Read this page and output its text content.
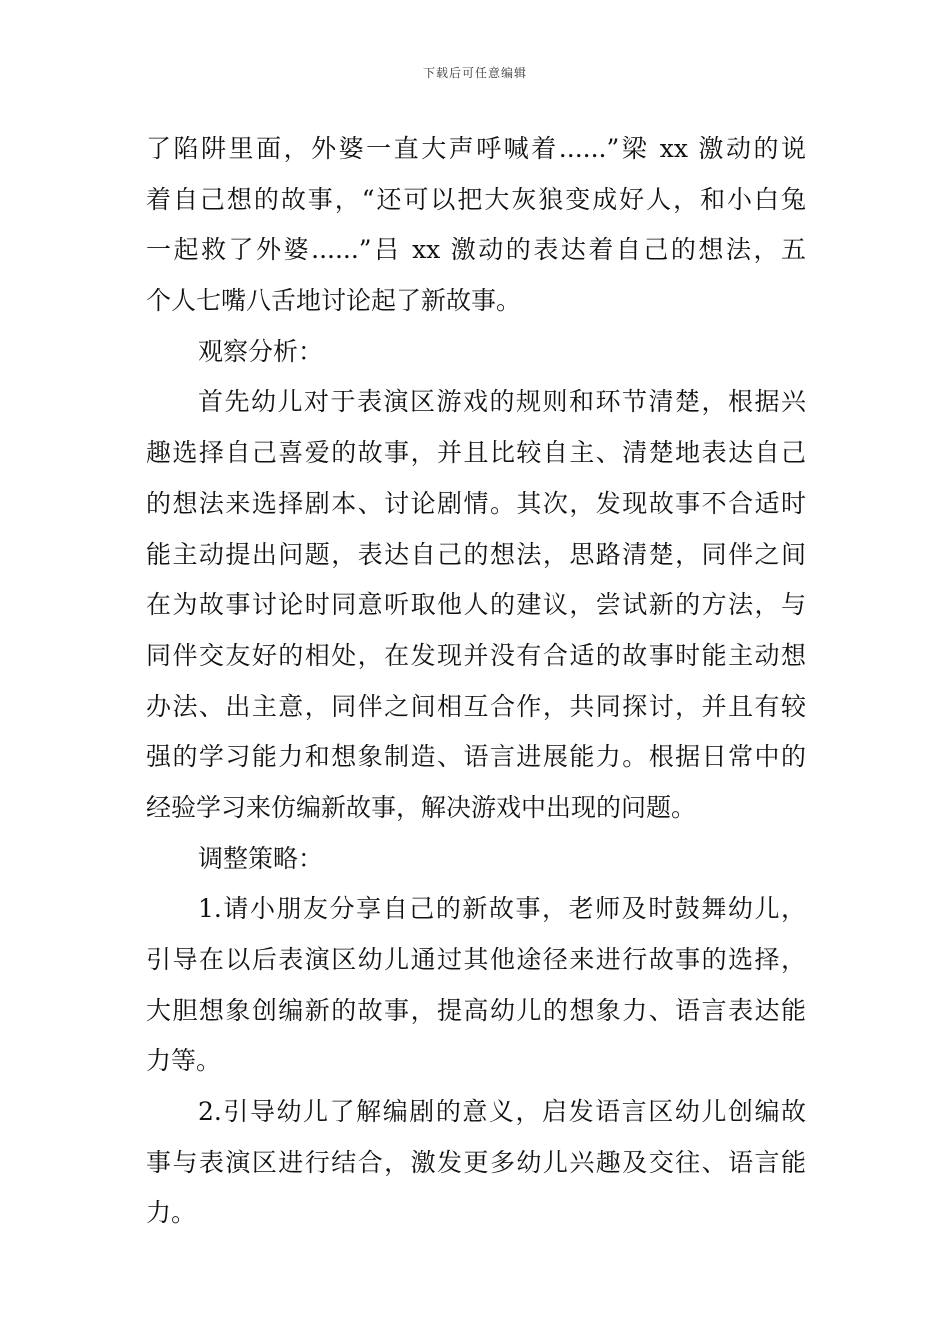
下载后可任意编辑
了陷阱里面，外婆一直大声呼喊着......”梁 xx 激动的说
着自己想的故事，“还可以把大灰狼变成好人，和小白兔
一起救了外婆......”吕 xx 激动的表达着自己的想法，五
个人七嘴八舌地讨论起了新故事。
观察分析：
首先幼儿对于表演区游戏的规则和环节清楚，根据兴
趣选择自己喜爱的故事，并且比较自主、清楚地表达自己
的想法来选择剧本、讨论剧情。其次，发现故事不合适时
能主动提出问题，表达自己的想法，思路清楚，同伴之间
在为故事讨论时同意听取他人的建议，尝试新的方法，与
同伴交友好的相处，在发现并没有合适的故事时能主动想
办法、出主意，同伴之间相互合作，共同探讨，并且有较
强的学习能力和想象制造、语言进展能力。根据日常中的
经验学习来仿编新故事，解决游戏中出现的问题。
调整策略：
1.请小朋友分享自己的新故事，老师及时鼓舞幼儿，
引导在以后表演区幼儿通过其他途径来进行故事的选择，
大胆想象创编新的故事，提高幼儿的想象力、语言表达能
力等。
2.引导幼儿了解编剧的意义，启发语言区幼儿创编故
事与表演区进行结合，激发更多幼儿兴趣及交往、语言能
力。
